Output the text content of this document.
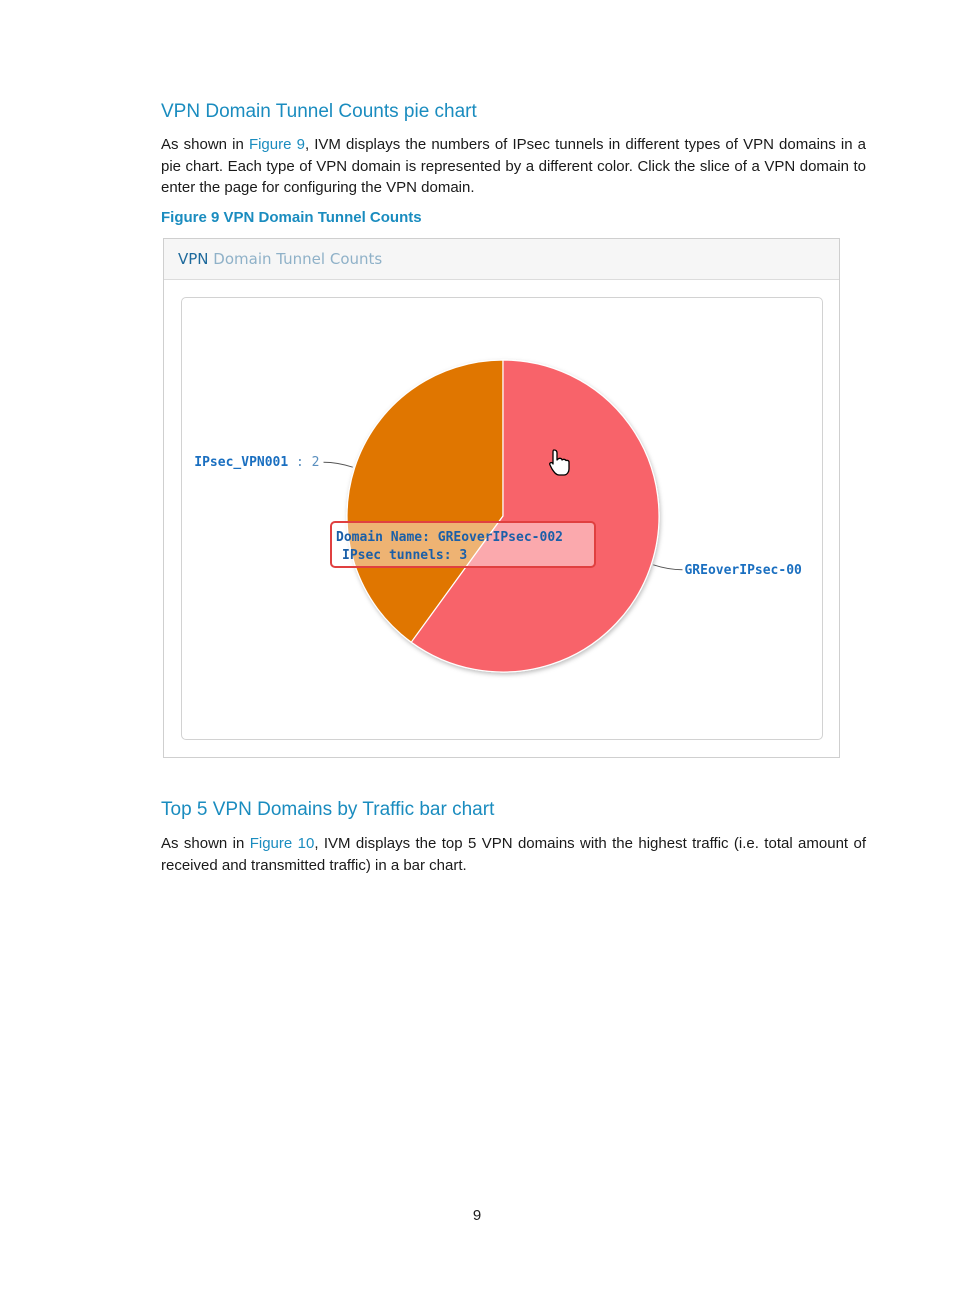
VPN Domain Tunnel Counts pie chart

As shown in Figure 9, IVM displays the numbers of IPsec tunnels in different types of VPN domains in a pie chart. Each type of VPN domain is represented by a different color. Click the slice of a VPN domain to enter the page for configuring the VPN domain.

Figure 9 VPN Domain Tunnel Counts

VPN Domain Tunnel Counts
IPsec_VPN001 : 2
GREoverIPsec-00
Domain Name: GREoverIPsec-002
IPsec tunnels: 3
Top 5 VPN Domains by Traffic bar chart

As shown in Figure 10, IVM displays the top 5 VPN domains with the highest traffic (i.e. total amount of received and transmitted traffic) in a bar chart.

9
